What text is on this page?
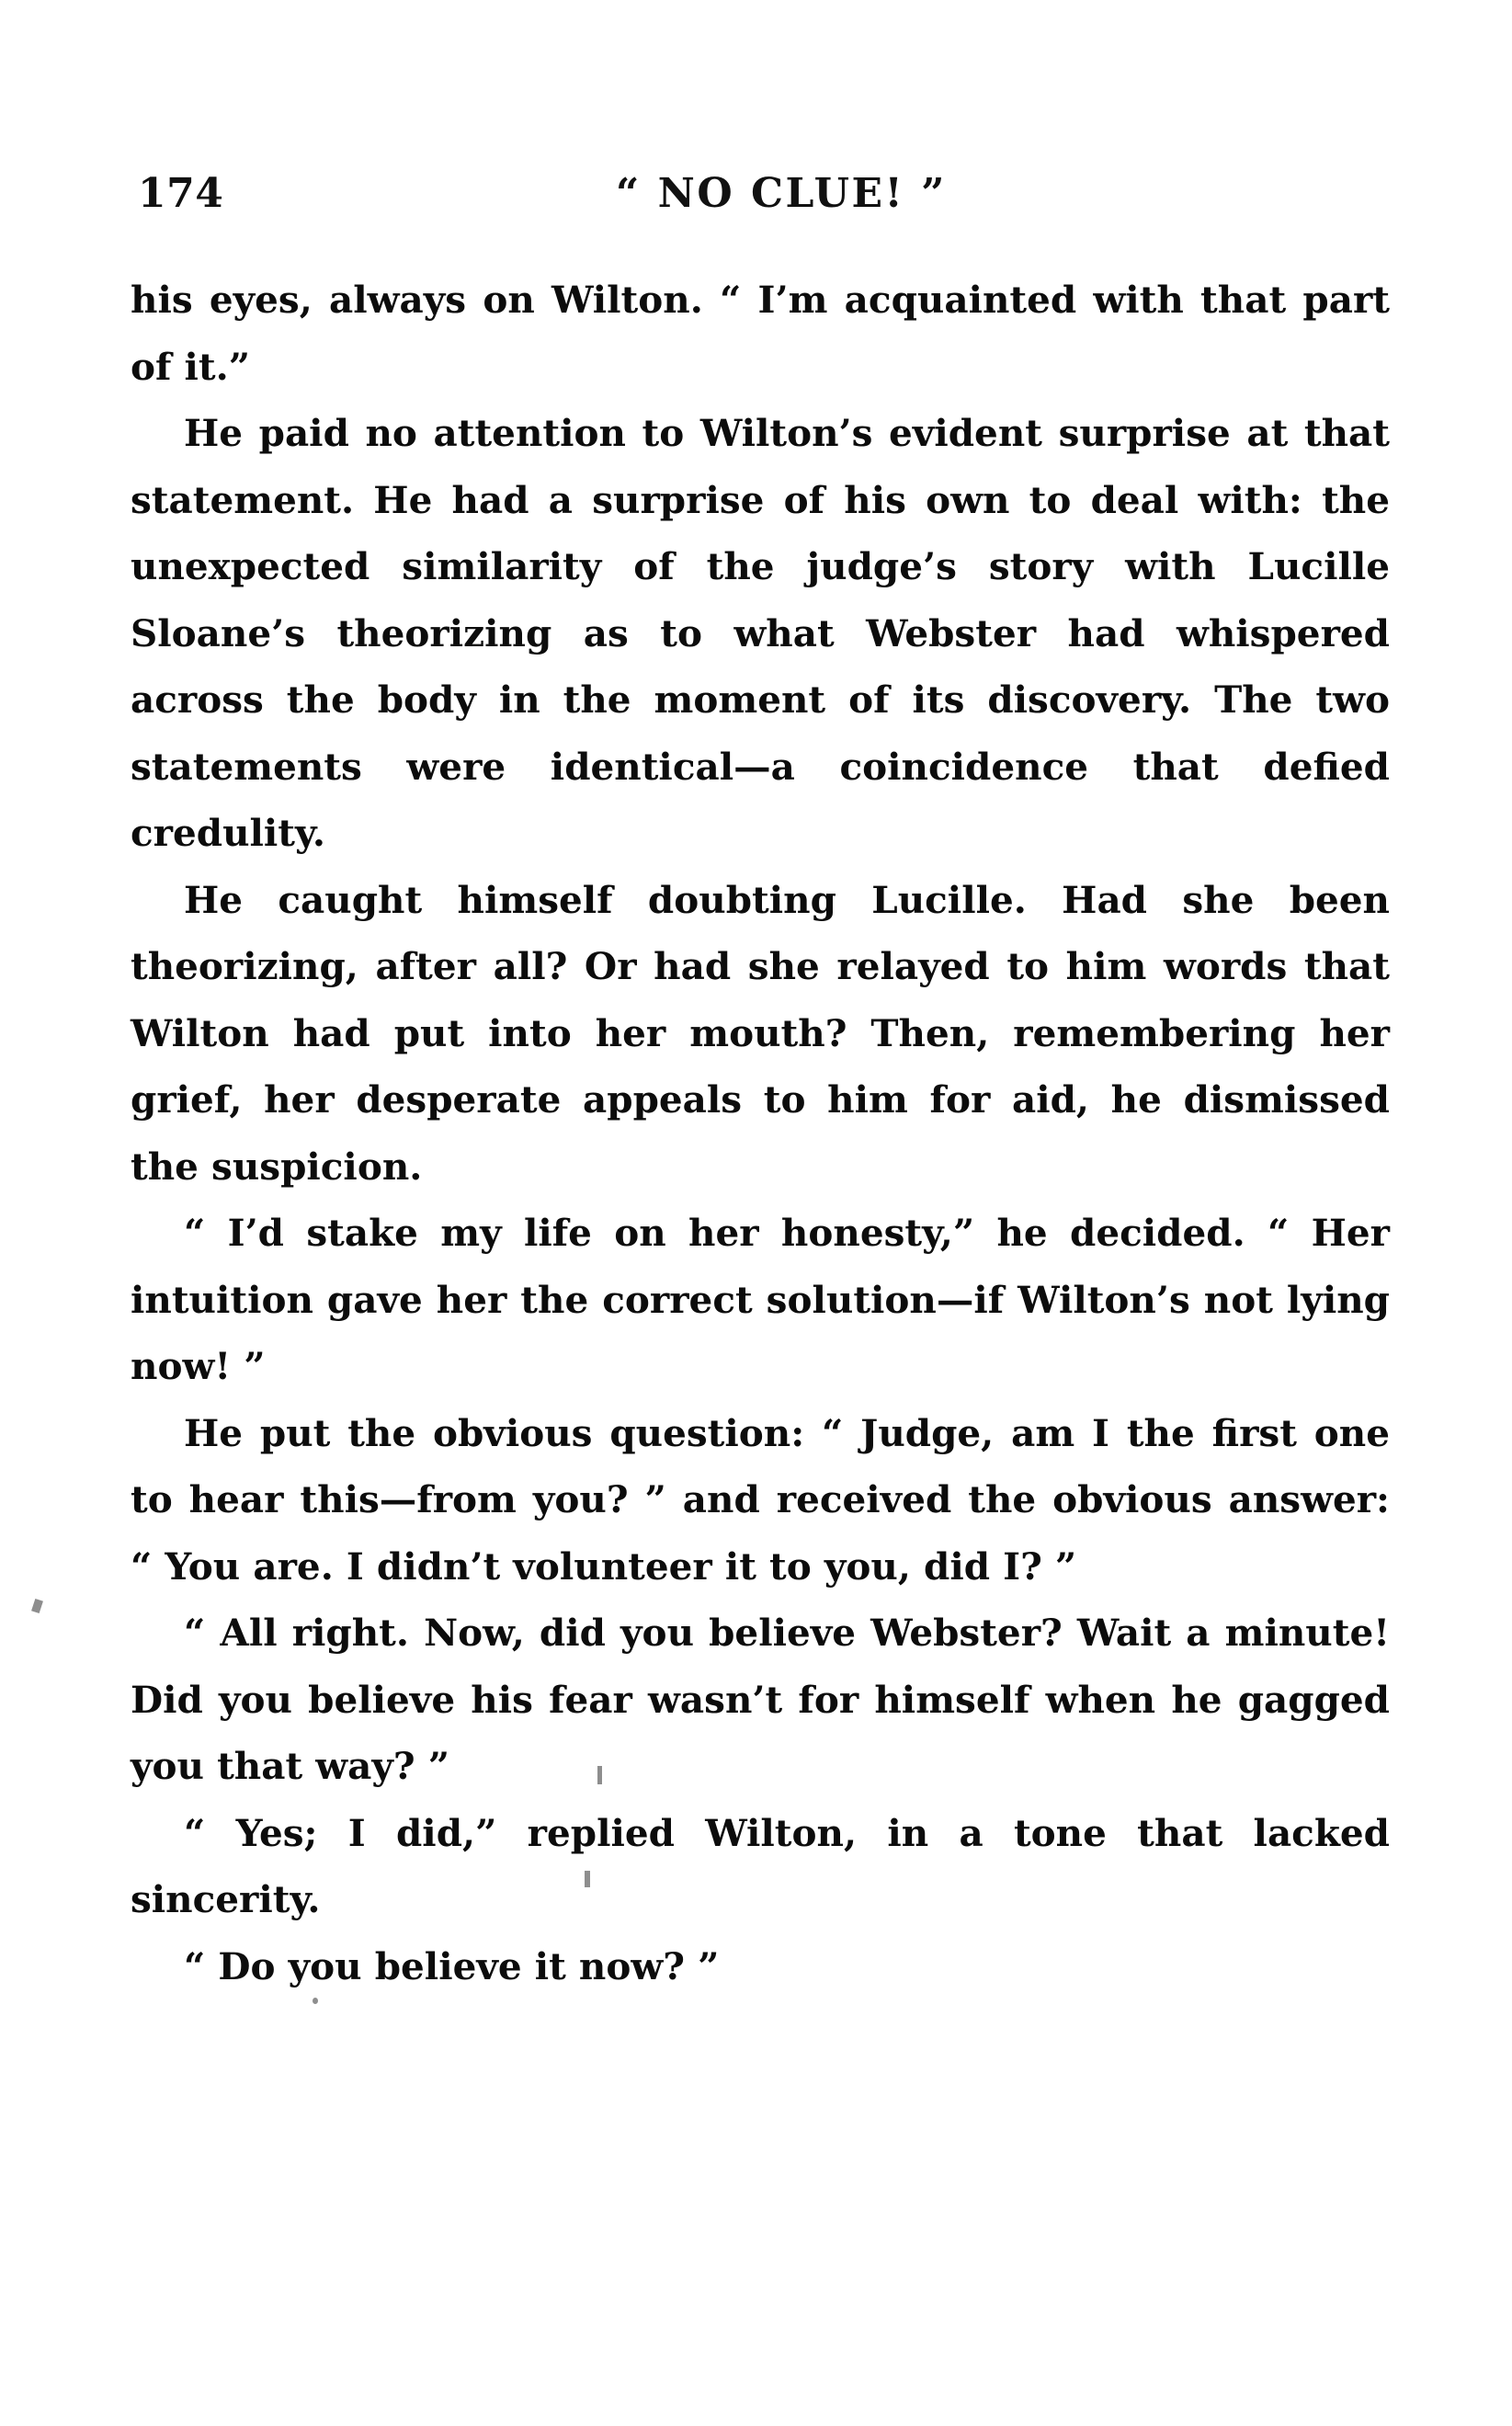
174	“ NO CLUE! ”

his eyes, always on Wilton. “ I’m acquainted with that part of it.”

He paid no attention to Wilton’s evident surprise at that statement. He had a surprise of his own to deal with: the unexpected similarity of the judge’s story with Lucille Sloane’s theorizing as to what Webster had whispered across the body in the moment of its discovery. The two statements were identical—a coincidence that defied credulity.

He caught himself doubting Lucille. Had she been theorizing, after all? Or had she relayed to him words that Wilton had put into her mouth? Then, remembering her grief, her desperate appeals to him for aid, he dismissed the suspicion.

“ I’d stake my life on her honesty,” he decided. “ Her intuition gave her the correct solution—if Wilton’s not lying now! ”

He put the obvious question: “ Judge, am I the first one to hear this—from you? ” and received the obvious answer: “ You are. I didn’t volunteer it to you, did I? ”

“ All right. Now, did you believe Webster? Wait a minute! Did you believe his fear wasn’t for himself when he gagged you that way? ”

“ Yes; I did,” replied Wilton, in a tone that lacked sincerity.

“ Do you believe it now? ”
